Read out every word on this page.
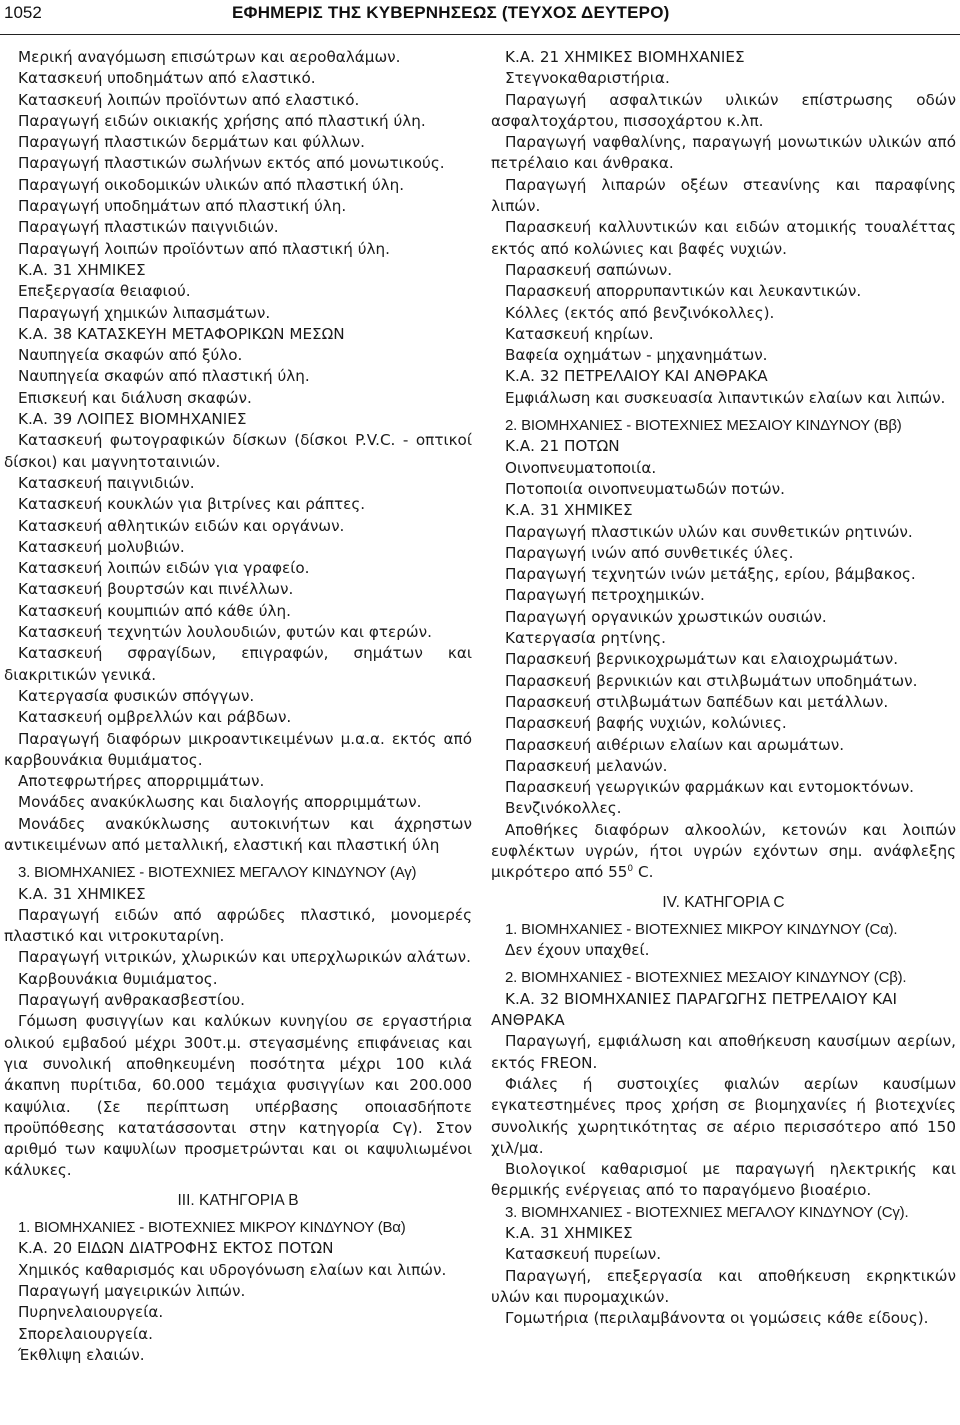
1052	ΕΦΗΜΕΡΙΣ ΤΗΣ ΚΥΒΕΡΝΗΣΕΩΣ (ΤΕΥΧΟΣ ΔΕΥΤΕΡΟ)

Μερική αναγόμωση επισώτρων και αεροθαλάμων.

Κατασκευή υποδημάτων από ελαστικό.

Κατασκευή λοιπών προϊόντων από ελαστικό.

Παραγωγή ειδών οικιακής χρήσης από πλαστική ύλη.

Παραγωγή πλαστικών δερμάτων και φύλλων.

Παραγωγή πλαστικών σωλήνων εκτός από μονωτικούς.

Παραγωγή οικοδομικών υλικών από πλαστική ύλη.

Παραγωγή υποδημάτων από πλαστική ύλη.

Παραγωγή πλαστικών παιγνιδιών.

Παραγωγή λοιπών προϊόντων από πλαστική ύλη.

Κ.Α. 31 ΧΗΜΙΚΕΣ

Επεξεργασία θειαφιού.

Παραγωγή χημικών λιπασμάτων.

Κ.Α. 38 ΚΑΤΑΣΚΕΥΗ ΜΕΤΑΦΟΡΙΚΩΝ ΜΕΣΩΝ

Ναυπηγεία σκαφών από ξύλο.

Ναυπηγεία σκαφών από πλαστική ύλη.

Επισκευή και διάλυση σκαφών.

Κ.Α. 39 ΛΟΙΠΕΣ ΒΙΟΜΗΧΑΝΙΕΣ

Κατασκευή φωτογραφικών δίσκων (δίσκοι P.V.C. - οπτικοί δίσκοι) και μαγνητοταινιών.

Κατασκευή παιγνιδιών.

Κατασκευή κουκλών για βιτρίνες και ράπτες.

Κατασκευή αθλητικών ειδών και οργάνων.

Κατασκευή μολυβιών.

Κατασκευή λοιπών ειδών για γραφείο.

Κατασκευή βουρτσών και πινέλλων.

Κατασκευή κουμπιών από κάθε ύλη.

Κατασκευή τεχνητών λουλουδιών, φυτών και φτερών.

Κατασκευή σφραγίδων, επιγραφών, σημάτων και διακριτικών γενικά.

Κατεργασία φυσικών σπόγγων.

Κατασκευή ομβρελλών και ράβδων.

Παραγωγή διαφόρων μικροαντικειμένων μ.α.α. εκτός από καρβουνάκια θυμιάματος.

Αποτεφρωτήρες απορριμμάτων.

Μονάδες ανακύκλωσης και διαλογής απορριμμάτων.

Μονάδες ανακύκλωσης αυτοκινήτων και άχρηστων αντικειμένων από μεταλλική, ελαστική και πλαστική ύλη

3. ΒΙΟΜΗΧΑΝΙΕΣ - ΒΙΟΤΕΧΝΙΕΣ ΜΕΓΑΛΟΥ ΚΙΝΔΥΝΟΥ (Αγ)

Κ.Α. 31 ΧΗΜΙΚΕΣ

Παραγωγή ειδών από αφρώδες πλαστικό, μονομερές πλαστικό και νιτροκυταρίνη.

Παραγωγή νιτρικών, χλωρικών και υπερχλωρικών αλάτων.

Καρβουνάκια θυμιάματος.

Παραγωγή ανθρακασβεστίου.

Γόμωση φυσιγγίων και καλύκων κυνηγίου σε εργαστήρια ολικού εμβαδού μέχρι 300τ.μ. στεγασμένης επιφάνειας και για συνολική αποθηκευμένη ποσότητα μέχρι 100 κιλά άκαπνη πυρίτιδα, 60.000 τεμάχια φυσιγγίων και 200.000 καψύλια. (Σε περίπτωση υπέρβασης οποιασδήποτε προϋπόθεσης κατατάσσονται στην κατηγορία Cγ). Στον αριθμό των καψυλίων προσμετρώνται και οι καψυλιωμένοι κάλυκες.

ΙΙΙ. ΚΑΤΗΓΟΡΙΑ Β

1. ΒΙΟΜΗΧΑΝΙΕΣ - ΒΙΟΤΕΧΝΙΕΣ ΜΙΚΡΟΥ ΚΙΝΔΥΝΟΥ (Βα)

Κ.Α. 20 ΕΙΔΩΝ ΔΙΑΤΡΟΦΗΣ ΕΚΤΟΣ ΠΟΤΩΝ

Χημικός καθαρισμός και υδρογόνωση ελαίων και λιπών.

Παραγωγή μαγειρικών λιπών.

Πυρηνελαιουργεία.

Σπορελαιουργεία.

Έκθλιψη ελαιών.

Κ.Α. 21 ΧΗΜΙΚΕΣ ΒΙΟΜΗΧΑΝΙΕΣ

Στεγνοκαθαριστήρια.

Παραγωγή ασφαλτικών υλικών επίστρωσης οδών ασφαλτοχάρτου, πισσοχάρτου κ.λπ.

Παραγωγή ναφθαλίνης, παραγωγή μονωτικών υλικών από πετρέλαιο και άνθρακα.

Παραγωγή λιπαρών οξέων στεανίνης και παραφίνης λιπών.

Παρασκευή καλλυντικών και ειδών ατομικής τουαλέττας εκτός από κολώνιες και βαφές νυχιών.

Παρασκευή σαπώνων.

Παρασκευή απορρυπαντικών και λευκαντικών.

Κόλλες (εκτός από βενζινόκολλες).

Κατασκευή κηρίων.

Βαφεία οχημάτων - μηχανημάτων.

Κ.Α. 32 ΠΕΤΡΕΛΑΙΟΥ ΚΑΙ ΑΝΘΡΑΚΑ

Εμφιάλωση και συσκευασία λιπαντικών ελαίων και λιπών.

2. ΒΙΟΜΗΧΑΝΙΕΣ - ΒΙΟΤΕΧΝΙΕΣ ΜΕΣΑΙΟΥ ΚΙΝΔΥΝΟΥ (Ββ)

Κ.Α. 21 ΠΟΤΩΝ

Οινοπνευματοποιία.

Ποτοποιία οινοπνευματωδών ποτών.

Κ.Α. 31 ΧΗΜΙΚΕΣ

Παραγωγή πλαστικών υλών και συνθετικών ρητινών.

Παραγωγή ινών από συνθετικές ύλες.

Παραγωγή τεχνητών ινών μετάξης, ερίου, βάμβακος.

Παραγωγή πετροχημικών.

Παραγωγή οργανικών χρωστικών ουσιών.

Κατεργασία ρητίνης.

Παρασκευή βερνικοχρωμάτων και ελαιοχρωμάτων.

Παρασκευή βερνικιών και στιλβωμάτων υποδημάτων.

Παρασκευή στιλβωμάτων δαπέδων και μετάλλων.

Παρασκευή βαφής νυχιών, κολώνιες.

Παρασκευή αιθέριων ελαίων και αρωμάτων.

Παρασκευή μελανών.

Παρασκευή γεωργικών φαρμάκων και εντομοκτόνων.

Βενζινόκολλες.

Αποθήκες διαφόρων αλκοολών, κετονών και λοιπών ευφλέκτων υγρών, ήτοι υγρών εχόντων σημ. ανάφλεξης μικρότερο από $55^0$ C.

IV. ΚΑΤΗΓΟΡΙΑ C

1. ΒΙΟΜΗΧΑΝΙΕΣ - ΒΙΟΤΕΧΝΙΕΣ ΜΙΚΡΟΥ ΚΙΝΔΥΝΟΥ (Cα).

Δεν έχουν υπαχθεί.

2. ΒΙΟΜΗΧΑΝΙΕΣ - ΒΙΟΤΕΧΝΙΕΣ ΜΕΣΑΙΟΥ ΚΙΝΔΥΝΟΥ (Cβ).

Κ.Α. 32 ΒΙΟΜΗΧΑΝΙΕΣ ΠΑΡΑΓΩΓΗΣ ΠΕΤΡΕΛΑΙΟΥ ΚΑΙ ΑΝΘΡΑΚΑ

Παραγωγή, εμφιάλωση και αποθήκευση καυσίμων αερίων, εκτός FREON.

Φιάλες ή συστοιχίες φιαλών αερίων καυσίμων εγκατεστημένες προς χρήση σε βιομηχανίες ή βιοτεχνίες συνολικής χωρητικότητας σε αέριο περισσότερο από 150 χιλ/μα.

Βιολογικοί καθαρισμοί με παραγωγή ηλεκτρικής και θερμικής ενέργειας από το παραγόμενο βιοαέριο.

3. ΒΙΟΜΗΧΑΝΙΕΣ - ΒΙΟΤΕΧΝΙΕΣ ΜΕΓΑΛΟΥ ΚΙΝΔΥΝΟΥ (Cγ).

Κ.Α. 31 ΧΗΜΙΚΕΣ

Κατασκευή πυρείων.

Παραγωγή, επεξεργασία και αποθήκευση εκρηκτικών υλών και πυρομαχικών.

Γομωτήρια (περιλαμβάνοντα οι γομώσεις κάθε είδους).
